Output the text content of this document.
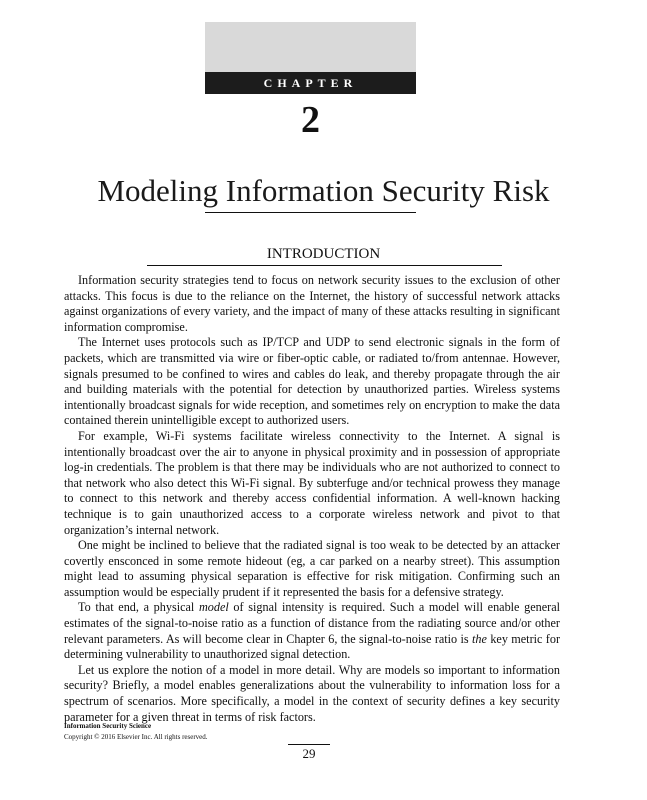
CHAPTER
2
Modeling Information Security Risk
INTRODUCTION

Information security strategies tend to focus on network security issues to the exclusion of other attacks. This focus is due to the reliance on the Internet, the history of successful network attacks against organizations of every variety, and the impact of many of these attacks resulting in significant information compromise.

The Internet uses protocols such as IP/TCP and UDP to send electronic signals in the form of packets, which are transmitted via wire or fiber-optic cable, or radiated to/from antennae. However, signals presumed to be confined to wires and cables do leak, and thereby propagate through the air and building materials with the potential for detection by unauthorized parties. Wireless systems intentionally broadcast signals for wide reception, and sometimes rely on encryption to make the data contained therein unintelligible except to authorized users.

For example, Wi-Fi systems facilitate wireless connectivity to the Internet. A signal is intentionally broadcast over the air to anyone in physical proximity and in possession of appropriate log-in credentials. The problem is that there may be individuals who are not authorized to connect to that network who also detect this Wi-Fi signal. By subterfuge and/or technical prowess they manage to connect to this network and thereby access confidential information. A well-known hacking technique is to gain unauthorized access to a corporate wireless network and pivot to that organization’s internal network.

One might be inclined to believe that the radiated signal is too weak to be detected by an attacker covertly ensconced in some remote hideout (eg, a car parked on a nearby street). This assumption might lead to assuming physical separation is effective for risk mitigation. Confirming such an assumption would be especially prudent if it represented the basis for a defensive strategy.

To that end, a physical model of signal intensity is required. Such a model will enable general estimates of the signal-to-noise ratio as a function of distance from the radiating source and/or other relevant parameters. As will become clear in Chapter 6, the signal-to-noise ratio is the key metric for determining vulnerability to unauthorized signal detection.

Let us explore the notion of a model in more detail. Why are models so important to information security? Briefly, a model enables generalizations about the vulnerability to information loss for a spectrum of scenarios. More specifically, a model in the context of security defines a key security parameter for a given threat in terms of risk factors.

Information Security Science
Copyright © 2016 Elsevier Inc. All rights reserved.
29
